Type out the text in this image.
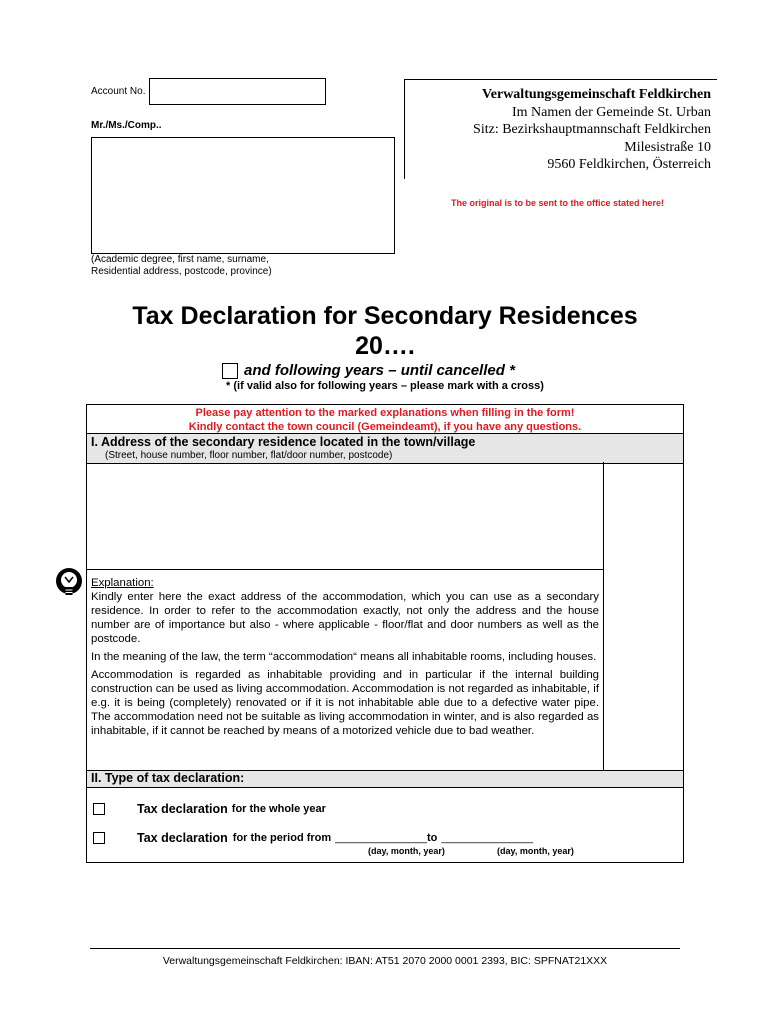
Account No.
Mr./Ms./Comp..
(Academic degree, first name, surname,
Residential address, postcode, province)
Verwaltungsgemeinschaft Feldkirchen
Im Namen der Gemeinde St. Urban
Sitz: Bezirkshauptmannschaft Feldkirchen
Milesistraße 10
9560 Feldkirchen, Österreich
The original is to be sent to the office stated here!
Tax Declaration for Secondary Residences
20….
and following years – until cancelled *
* (if valid also for following years – please mark with a cross)
Please pay attention to the marked explanations when filling in the form!
Kindly contact the town council (Gemeindeamt), if you have any questions.
I. Address of the secondary residence located in the town/village
(Street, house number, floor number, flat/door number, postcode)
Explanation:
Kindly enter here the exact address of the accommodation, which you can use as a secondary residence. In order to refer to the accommodation exactly, not only the address and the house number are of importance but also - where applicable - floor/flat and door numbers as well as the postcode.
In the meaning of the law, the term “accommodation“ means all inhabitable rooms, including houses.
Accommodation is regarded as inhabitable providing and in particular if the internal building construction can be used as living accommodation. Accommodation is not regarded as inhabitable, if e.g. it is being (completely) renovated or if it is not inhabitable able due to a defective water pipe. The accommodation need not be suitable as living accommodation in winter, and is also regarded as inhabitable, if it cannot be reached by means of a motorized vehicle due to bad weather.
II. Type of tax declaration:
Tax declaration for the whole year
Tax declaration for the period from _______________ to _______________
(day, month, year)	(day, month, year)
Verwaltungsgemeinschaft Feldkirchen: IBAN: AT51 2070 2000 0001 2393, BIC: SPFNAT21XXX
